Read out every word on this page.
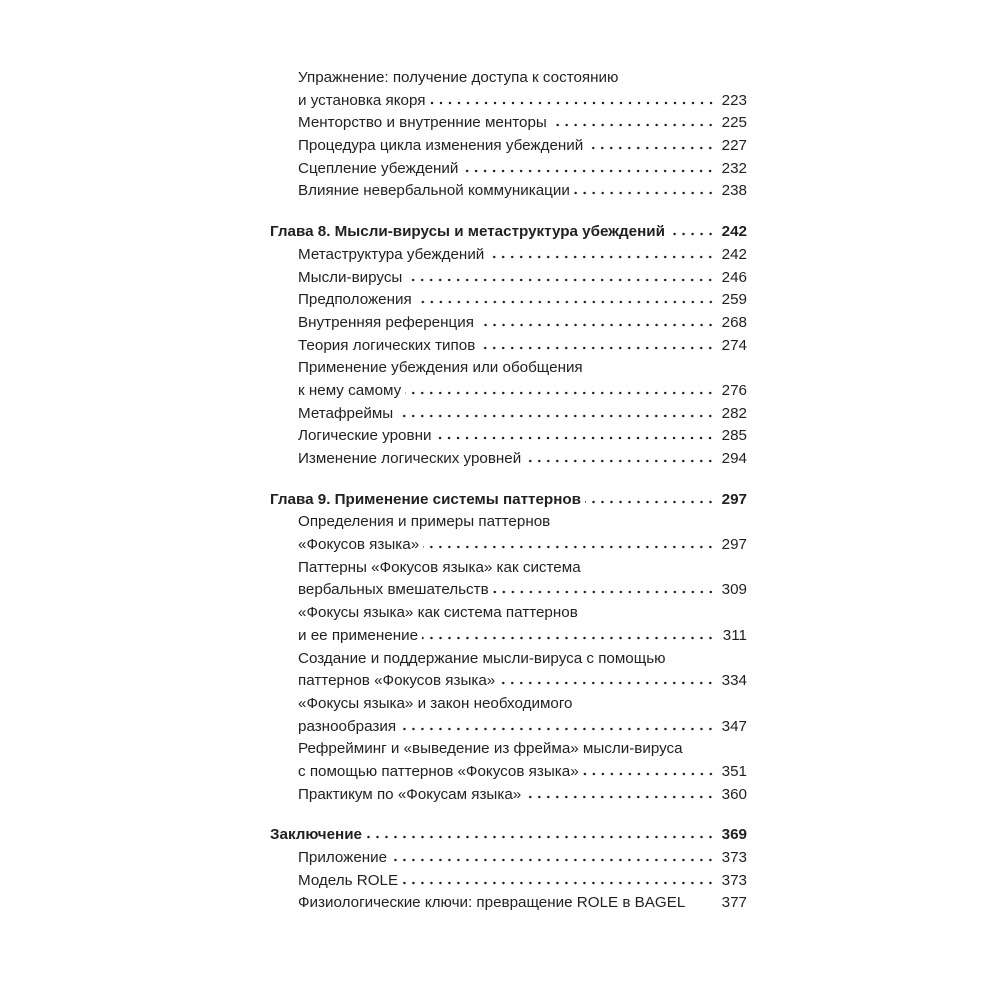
Упражнение: получение доступа к состоянию
и установка якоря	223
Менторство и внутренние менторы	225
Процедура цикла изменения убеждений	227
Сцепление убеждений	232
Влияние невербальной коммуникации	238
Глава 8. Мысли-вирусы и метаструктура убеждений	242
Метаструктура убеждений	242
Мысли-вирусы	246
Предположения	259
Внутренняя референция	268
Теория логических типов	274
Применение убеждения или обобщения
к нему самому	276
Метафреймы	282
Логические уровни	285
Изменение логических уровней	294
Глава 9. Применение системы паттернов	297
Определения и примеры паттернов
«Фокусов языка»	297
Паттерны «Фокусов языка» как система
вербальных вмешательств	309
«Фокусы языка» как система паттернов
и ее применение	311
Создание и поддержание мысли-вируса с помощью
паттернов «Фокусов языка»	334
«Фокусы языка» и закон необходимого
разнообразия	347
Рефрейминг и «выведение из фрейма» мысли-вируса
с помощью паттернов «Фокусов языка»	351
Практикум по «Фокусам языка»	360
Заключение	369
Приложение	373
Модель ROLE	373
Физиологические ключи: превращение ROLE в BAGEL 377
